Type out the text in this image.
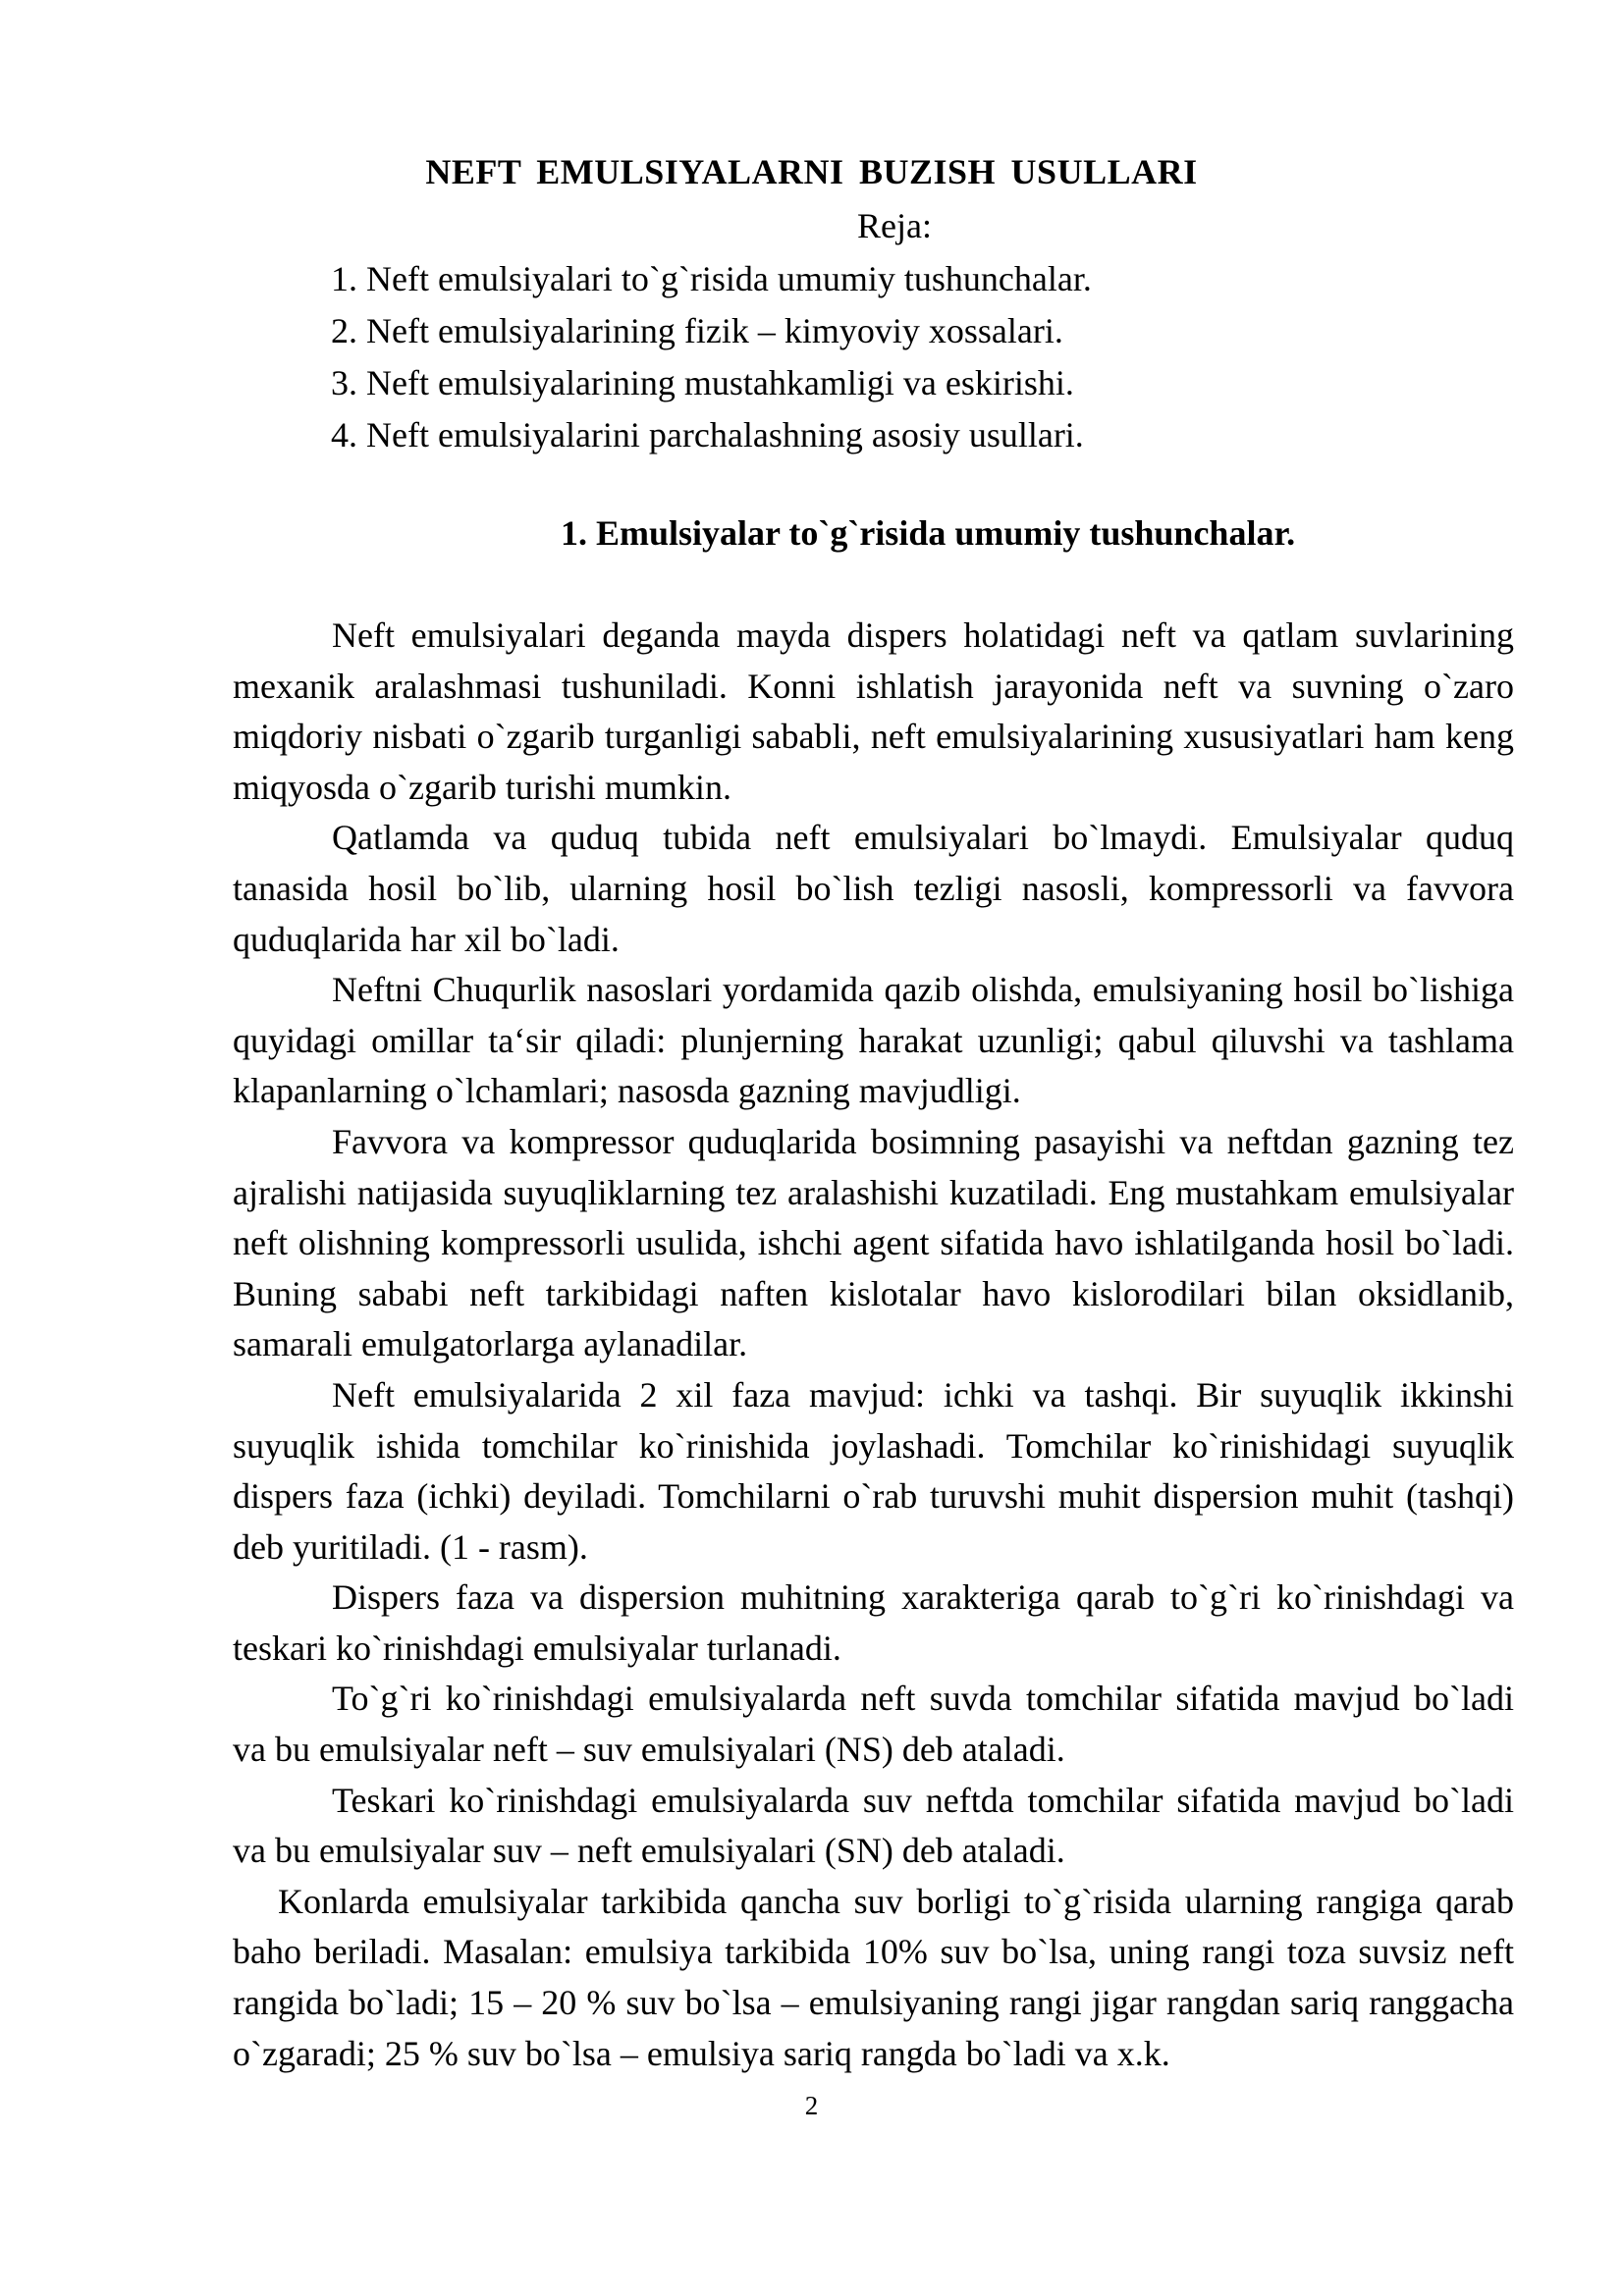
NEFT EMULSIYALARNI BUZISH USULLARI
Reja:
1. Neft emulsiyalari to`g`risida umumiy tushunchalar.
2. Neft emulsiyalarining fizik – kimyoviy xossalari.
3. Neft emulsiyalarining mustahkamligi va eskirishi.
4. Neft emulsiyalarini parchalashning asosiy usullari.
1. Emulsiyalar to`g`risida umumiy tushunchalar.

Neft emulsiyalari deganda mayda dispers holatidagi neft va qatlam suvlarining mexanik aralashmasi tushuniladi. Konni ishlatish jarayonida neft va suvning o`zaro miqdoriy nisbati o`zgarib turganligi sababli, neft emulsiyalarining xususiyatlari ham keng miqyosda o`zgarib turishi mumkin.

Qatlamda va quduq tubida neft emulsiyalari bo`lmaydi. Emulsiyalar quduq tanasida hosil bo`lib, ularning hosil bo`lish tezligi nasosli, kompressorli va favvora quduqlarida har xil bo`ladi.

Neftni Chuqurlik nasoslari yordamida qazib olishda, emulsiyaning hosil bo`lishiga quyidagi omillar ta‘sir qiladi: plunjerning harakat uzunligi; qabul qiluvshi va tashlama klapanlarning o`lchamlari; nasosda gazning mavjudligi.

Favvora va kompressor quduqlarida bosimning pasayishi va neftdan gazning tez ajralishi natijasida suyuqliklarning tez aralashishi kuzatiladi. Eng mustahkam emulsiyalar neft olishning kompressorli usulida, ishchi agent sifatida havo ishlatilganda hosil bo`ladi. Buning sababi neft tarkibidagi naften kislotalar havo kislorodilari bilan oksidlanib, samarali emulgatorlarga aylanadilar.

Neft emulsiyalarida 2 xil faza mavjud: ichki va tashqi. Bir suyuqlik ikkinshi suyuqlik ishida tomchilar ko`rinishida joylashadi. Tomchilar ko`rinishidagi suyuqlik dispers faza (ichki) deyiladi. Tomchilarni o`rab turuvshi muhit dispersion muhit (tashqi) deb yuritiladi. (1 - rasm).

Dispers faza va dispersion muhitning xarakteriga qarab to`g`ri ko`rinishdagi va teskari ko`rinishdagi emulsiyalar turlanadi.

To`g`ri ko`rinishdagi emulsiyalarda neft suvda tomchilar sifatida mavjud bo`ladi va bu emulsiyalar neft – suv emulsiyalari (NS) deb ataladi.

Teskari ko`rinishdagi emulsiyalarda suv neftda tomchilar sifatida mavjud bo`ladi va bu emulsiyalar suv – neft emulsiyalari (SN) deb ataladi.

Konlarda emulsiyalar tarkibida qancha suv borligi to`g`risida ularning rangiga qarab baho beriladi. Masalan: emulsiya tarkibida 10% suv bo`lsa, uning rangi toza suvsiz neft rangida bo`ladi; 15 – 20 % suv bo`lsa – emulsiyaning rangi jigar rangdan sariq ranggacha o`zgaradi; 25 % suv bo`lsa – emulsiya sariq rangda bo`ladi va x.k.

2
